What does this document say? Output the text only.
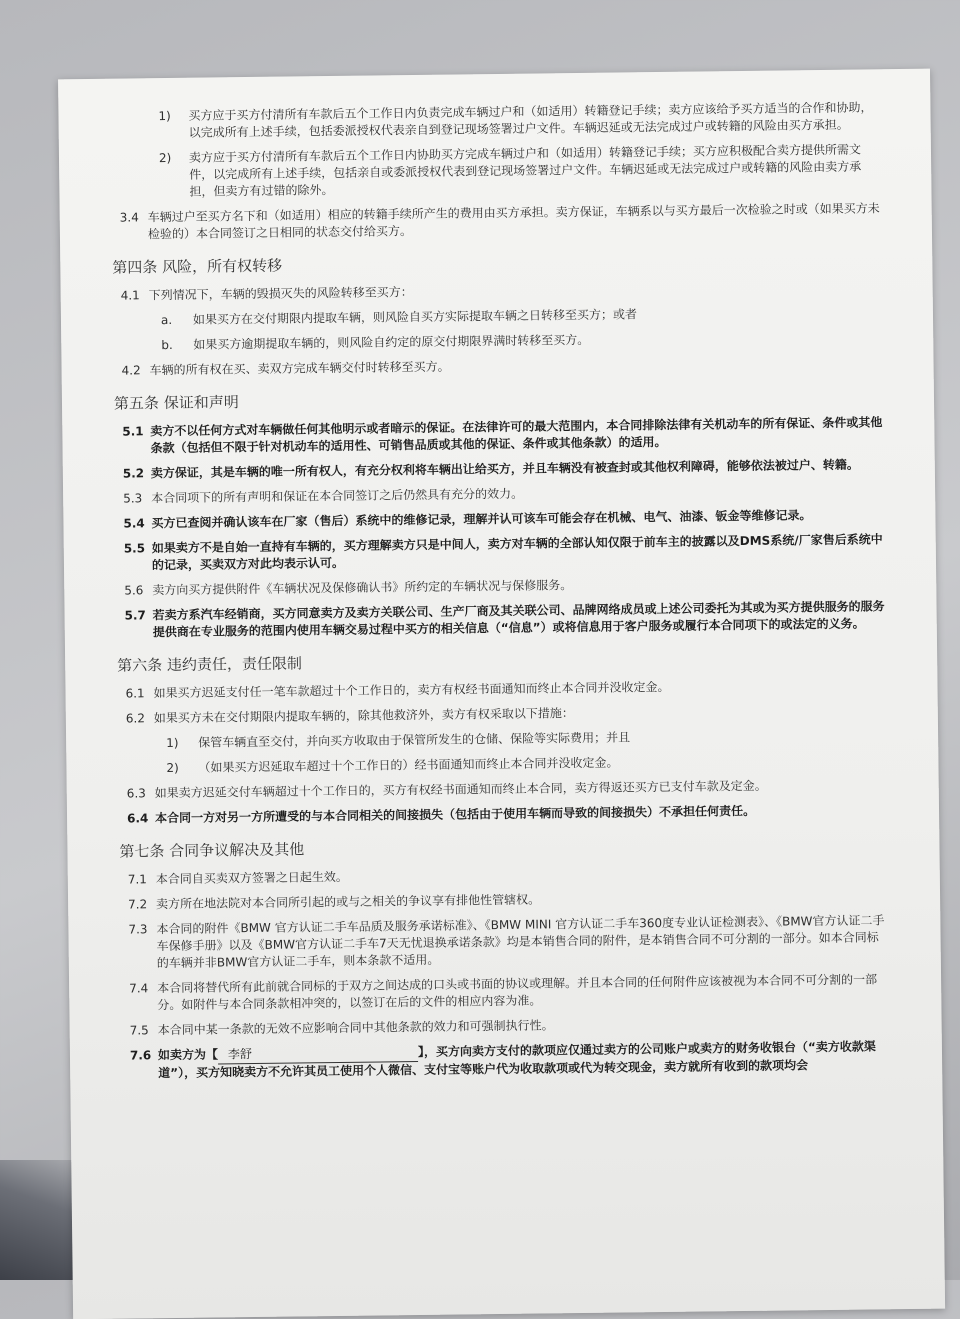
1) 买方应于买方付清所有车款后五个工作日内负责完成车辆过户和（如适用）转籍登记手续；卖方应该给予买方适当的合作和协助，以完成所有上述手续，包括委派授权代表亲自到登记现场签署过户文件。车辆迟延或无法完成过户或转籍的风险由买方承担。
2) 卖方应于买方付清所有车款后五个工作日内协助买方完成车辆过户和（如适用）转籍登记手续；买方应积极配合卖方提供所需文件，以完成所有上述手续，包括亲自或委派授权代表到登记现场签署过户文件。车辆迟延或无法完成过户或转籍的风险由卖方承担，但卖方有过错的除外。
3.4 车辆过户至买方名下和（如适用）相应的转籍手续所产生的费用由买方承担。卖方保证，车辆系以与买方最后一次检验之时或（如果买方未检验的）本合同签订之日相同的状态交付给买方。
第四条 风险，所有权转移
4.1 下列情况下，车辆的毁损灭失的风险转移至买方：
a. 如果买方在交付期限内提取车辆，则风险自买方实际提取车辆之日转移至买方；或者
b. 如果买方逾期提取车辆的，则风险自约定的原交付期限界满时转移至买方。
4.2 车辆的所有权在买、卖双方完成车辆交付时转移至买方。
第五条 保证和声明
5.1 卖方不以任何方式对车辆做任何其他明示或者暗示的保证。在法律许可的最大范围内，本合同排除法律有关机动车的所有保证、条件或其他条款（包括但不限于针对机动车的适用性、可销售品质或其他的保证、条件或其他条款）的适用。
5.2 卖方保证，其是车辆的唯一所有权人，有充分权利将车辆出让给买方，并且车辆没有被查封或其他权利障碍，能够依法被过户、转籍。
5.3 本合同项下的所有声明和保证在本合同签订之后仍然具有充分的效力。
5.4 买方已查阅并确认该车在厂家（售后）系统中的维修记录，理解并认可该车可能会存在机械、电气、油漆、钣金等维修记录。
5.5 如果卖方不是自始一直持有车辆的，买方理解卖方只是中间人，卖方对车辆的全部认知仅限于前车主的披露以及DMS系统/厂家售后系统中的记录，买卖双方对此均表示认可。
5.6 卖方向买方提供附件《车辆状况及保修确认书》所约定的车辆状况与保修服务。
5.7 若卖方系汽车经销商，买方同意卖方及卖方关联公司、生产厂商及其关联公司、品牌网络成员或上述公司委托为其或为买方提供服务的服务提供商在专业服务的范围内使用车辆交易过程中买方的相关信息（“信息”）或将信息用于客户服务或履行本合同项下的或法定的义务。
第六条 违约责任，责任限制
6.1 如果买方迟延支付任一笔车款超过十个工作日的，卖方有权经书面通知而终止本合同并没收定金。
6.2 如果买方未在交付期限内提取车辆的，除其他救济外，卖方有权采取以下措施：
1) 保管车辆直至交付，并向买方收取由于保管所发生的仓储、保险等实际费用；并且
2) （如果买方迟延取车超过十个工作日的）经书面通知而终止本合同并没收定金。
6.3 如果卖方迟延交付车辆超过十个工作日的，买方有权经书面通知而终止本合同，卖方得返还买方已支付车款及定金。
6.4 本合同一方对另一方所遭受的与本合同相关的间接损失（包括由于使用车辆而导致的间接损失）不承担任何责任。
第七条 合同争议解决及其他
7.1 本合同自买卖双方签署之日起生效。
7.2 卖方所在地法院对本合同所引起的或与之相关的争议享有排他性管辖权。
7.3 本合同的附件《BMW 官方认证二手车品质及服务承诺标准》、《BMW MINI 官方认证二手车360度专业认证检测表》、《BMW官方认证二手车保修手册》以及《BMW官方认证二手车7天无忧退换承诺条款》均是本销售合同的附件，是本销售合同不可分割的一部分。如本合同标的车辆并非BMW官方认证二手车，则本条款不适用。
7.4 本合同将替代所有此前就合同标的于双方之间达成的口头或书面的协议或理解。并且本合同的任何附件应该被视为本合同不可分割的一部分。如附件与本合同条款相冲突的，以签订在后的文件的相应内容为准。
7.5 本合同中某一条款的无效不应影响合同中其他条款的效力和可强制执行性。
7.6 如卖方为【 李舒	】，买方向卖方支付的款项应仅通过卖方的公司账户或卖方的财务收银台（“卖方收款渠道”），买方知晓卖方不允许其员工使用个人微信、支付宝等账户代为收取款项或代为转交现金，卖方就所有收到的款项均会
